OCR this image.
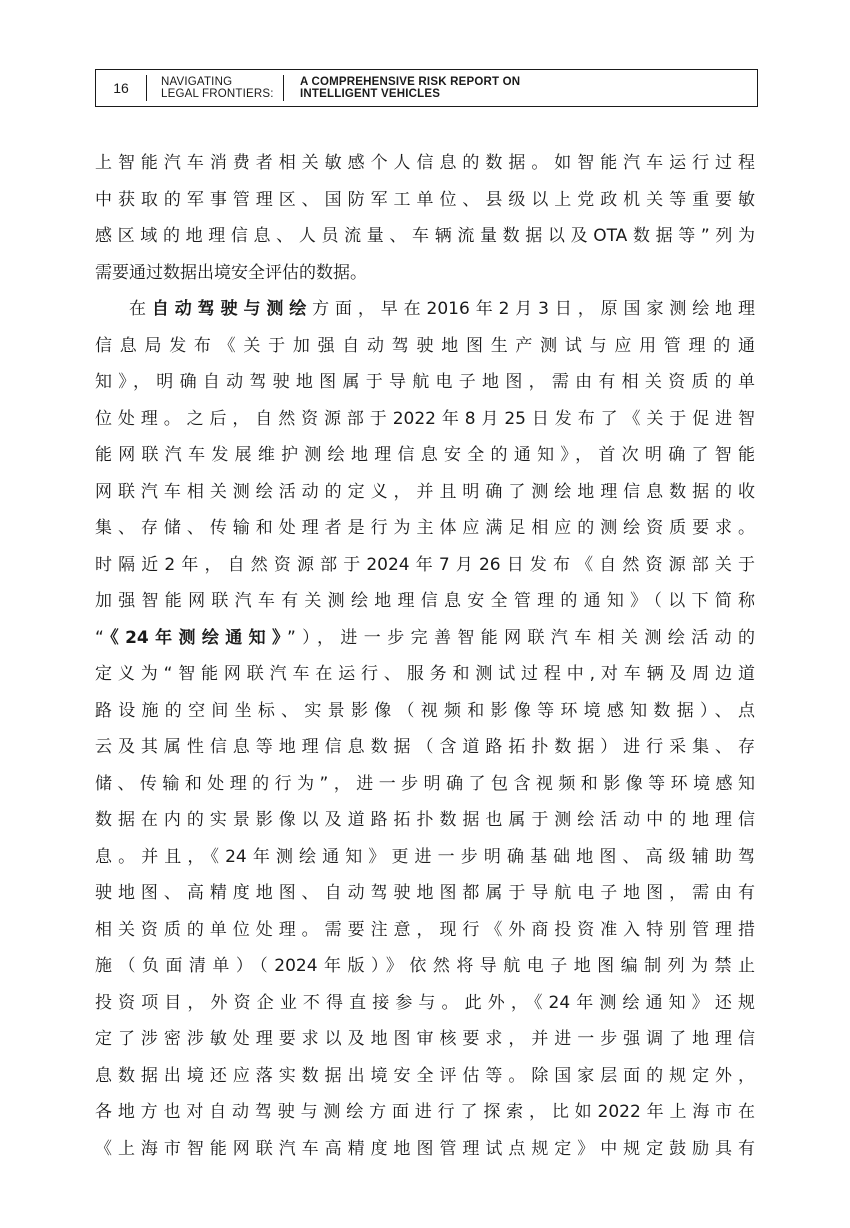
16	NAVIGATING
LEGAL FRONTIERS:
A COMPREHENSIVE RISK REPORT ON
INTELLIGENT VEHICLES
上智能汽车消费者相关敏感个人信息的数据。如智能汽车运行过程
中获取的军事管理区、国防军工单位、县级以上党政机关等重要敏
感区域的地理信息、人员流量、车辆流量数据以及OTA数据等”列为
需要通过数据出境安全评估的数据。
在自动驾驶与测绘方面，早在2016年2月3日，原国家测绘地理
信息局发布《关于加强自动驾驶地图生产测试与应用管理的通
知》，明确自动驾驶地图属于导航电子地图，需由有相关资质的单
位处理。之后，自然资源部于2022年8月25日发布了《关于促进智
能网联汽车发展维护测绘地理信息安全的通知》，首次明确了智能
网联汽车相关测绘活动的定义，并且明确了测绘地理信息数据的收
集、存储、传输和处理者是行为主体应满足相应的测绘资质要求。
时隔近2年，自然资源部于2024年7月26日发布《自然资源部关于
加强智能网联汽车有关测绘地理信息安全管理的通知》（以下简称
“《24年测绘通知》”），进一步完善智能网联汽车相关测绘活动的
定义为“智能网联汽车在运行、服务和测试过程中,对车辆及周边道
路设施的空间坐标、实景影像（视频和影像等环境感知数据）、点
云及其属性信息等地理信息数据（含道路拓扑数据）进行采集、存
储、传输和处理的行为”，进一步明确了包含视频和影像等环境感知
数据在内的实景影像以及道路拓扑数据也属于测绘活动中的地理信
息。并且，《24年测绘通知》更进一步明确基础地图、高级辅助驾
驶地图、高精度地图、自动驾驶地图都属于导航电子地图，需由有
相关资质的单位处理。需要注意，现行《外商投资准入特别管理措
施（负面清单）（2024年版）》依然将导航电子地图编制列为禁止
投资项目，外资企业不得直接参与。此外，《24年测绘通知》还规
定了涉密涉敏处理要求以及地图审核要求，并进一步强调了地理信
息数据出境还应落实数据出境安全评估等。除国家层面的规定外，
各地方也对自动驾驶与测绘方面进行了探索，比如2022年上海市在
《上海市智能网联汽车高精度地图管理试点规定》中规定鼓励具有
